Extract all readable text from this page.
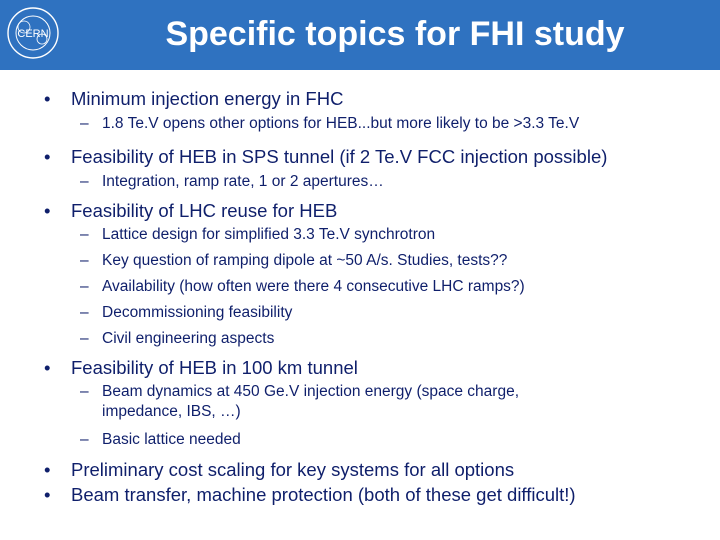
CERN	Specific topics for FHI study
• Minimum injection energy in FHC
– 1.8 Te.V opens other options for HEB...but more likely to be >3.3 Te.V
• Feasibility of HEB in SPS tunnel (if 2 Te.V FCC injection possible)
– Integration, ramp rate, 1 or 2 apertures…
• Feasibility of LHC reuse for HEB
– Lattice design for simplified 3.3 Te.V synchrotron
– Key question of ramping dipole at ~50 A/s. Studies, tests??
– Availability (how often were there 4 consecutive LHC ramps?)
– Decommissioning feasibility
– Civil engineering aspects
• Feasibility of HEB in 100 km tunnel
– Beam dynamics at 450 Ge.V injection energy (space charge,
impedance, IBS, …)
– Basic lattice needed
• Preliminary cost scaling for key systems for all options
• Beam transfer, machine protection (both of these get difficult!)
